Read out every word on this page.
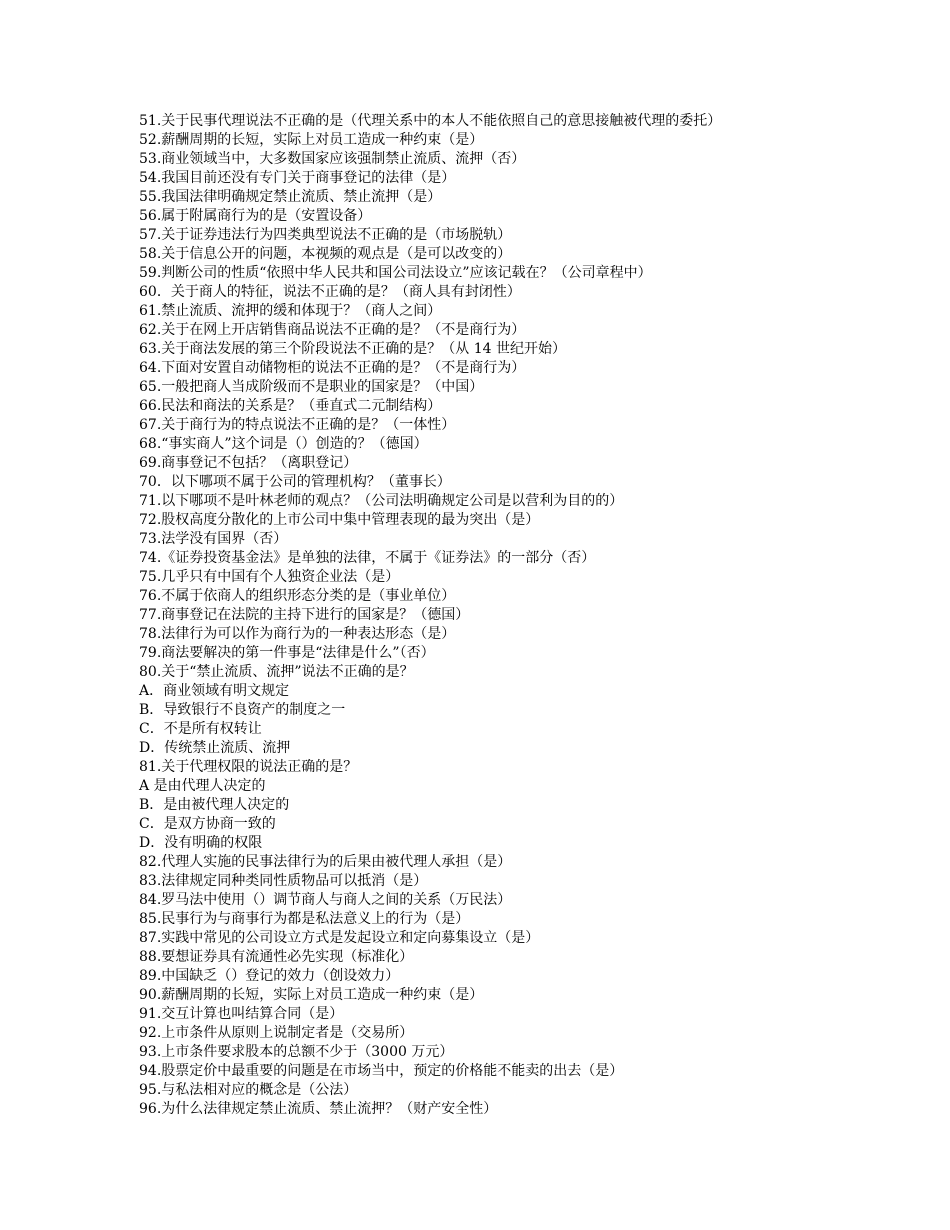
51.关于民事代理说法不正确的是（代理关系中的本人不能依照自己的意思接触被代理的委托）
52.薪酬周期的长短，实际上对员工造成一种约束（是）
53.商业领域当中，大多数国家应该强制禁止流质、流押（否）
54.我国目前还没有专门关于商事登记的法律（是）
55.我国法律明确规定禁止流质、禁止流押（是）
56.属于附属商行为的是（安置设备）
57.关于证券违法行为四类典型说法不正确的是（市场脱轨）
58.关于信息公开的问题，本视频的观点是（是可以改变的）
59.判断公司的性质“依照中华人民共和国公司法设立”应该记载在？（公司章程中）
60．关于商人的特征，说法不正确的是？（商人具有封闭性）
61.禁止流质、流押的缓和体现于？（商人之间）
62.关于在网上开店销售商品说法不正确的是？（不是商行为）
63.关于商法发展的第三个阶段说法不正确的是？（从 14 世纪开始）
64.下面对安置自动储物柜的说法不正确的是？（不是商行为）
65.一般把商人当成阶级而不是职业的国家是？（中国）
66.民法和商法的关系是？（垂直式二元制结构）
67.关于商行为的特点说法不正确的是？（一体性）
68.“事实商人”这个词是（）创造的？（德国）
69.商事登记不包括？（离职登记）
70．以下哪项不属于公司的管理机构？（董事长）
71.以下哪项不是叶林老师的观点？（公司法明确规定公司是以营利为目的的）
72.股权高度分散化的上市公司中集中管理表现的最为突出（是）
73.法学没有国界（否）
74.《证券投资基金法》是单独的法律，不属于《证券法》的一部分（否）
75.几乎只有中国有个人独资企业法（是）
76.不属于依商人的组织形态分类的是（事业单位）
77.商事登记在法院的主持下进行的国家是？（德国）
78.法律行为可以作为商行为的一种表达形态（是）
79.商法要解决的第一件事是“法律是什么”（否）
80.关于“禁止流质、流押”说法不正确的是？
A．商业领域有明文规定
B．导致银行不良资产的制度之一
C．不是所有权转让
D．传统禁止流质、流押
81.关于代理权限的说法正确的是？
A 是由代理人决定的
B．是由被代理人决定的
C．是双方协商一致的
D．没有明确的权限
82.代理人实施的民事法律行为的后果由被代理人承担（是）
83.法律规定同种类同性质物品可以抵消（是）
84.罗马法中使用（）调节商人与商人之间的关系（万民法）
85.民事行为与商事行为都是私法意义上的行为（是）
87.实践中常见的公司设立方式是发起设立和定向募集设立（是）
88.要想证券具有流通性必先实现（标准化）
89.中国缺乏（）登记的效力（创设效力）
90.薪酬周期的长短，实际上对员工造成一种约束（是）
91.交互计算也叫结算合同（是）
92.上市条件从原则上说制定者是（交易所）
93.上市条件要求股本的总额不少于（3000 万元）
94.股票定价中最重要的问题是在市场当中，预定的价格能不能卖的出去（是）
95.与私法相对应的概念是（公法）
96.为什么法律规定禁止流质、禁止流押？（财产安全性）
